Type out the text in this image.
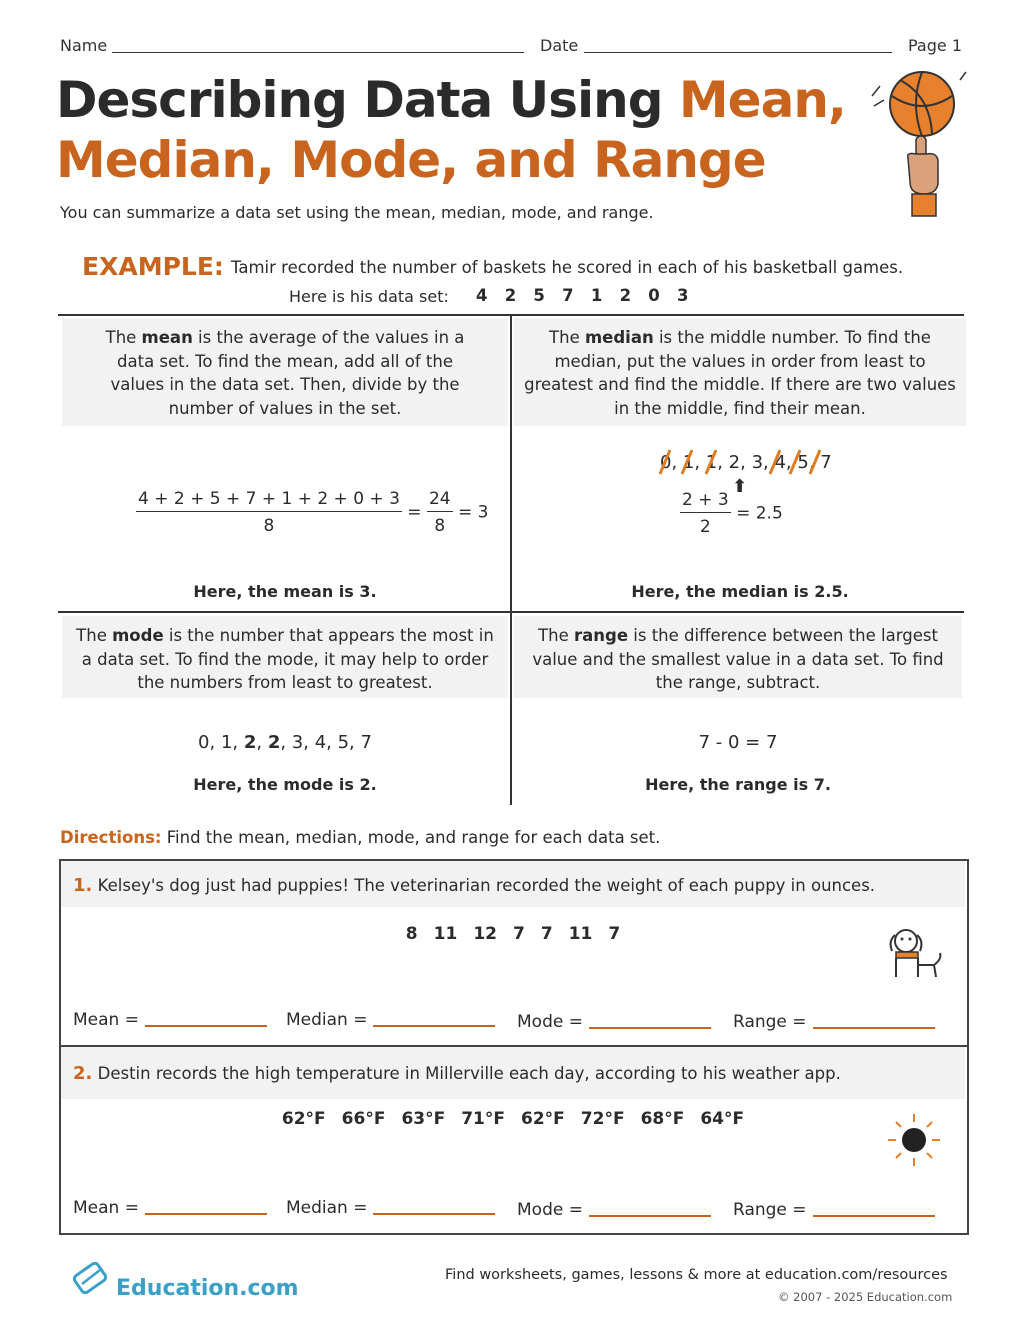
Name	Date	Page 1
Describing Data Using Mean,
Median, Mode, and Range
You can summarize a data set using the mean, median, mode, and range.
EXAMPLE: Tamir recorded the number of baskets he scored in each of his basketball games.
Here is his data set: 4   2   5   7   1   2   0   3
The mean is the average of the values in a data set. To find the mean, add all of the values in the data set. Then, divide by the number of values in the set.
$\frac{4 + 2 + 5 + 7 + 1 + 2 + 0 + 3}{8} = \frac{24}{8} = 3$
Here, the mean is 3.
The median is the middle number. To find the median, put the values in order from least to greatest and find the middle. If there are two values in the middle, find their mean.
0, 1, 1, 2, 3, 4, 5, 7
⬆
$\frac{2 + 3}{2} = 2.5$
Here, the median is 2.5.
The mode is the number that appears the most in a data set. To find the mode, it may help to order the numbers from least to greatest.
0, 1, 2, 2, 3, 4, 5, 7
Here, the mode is 2.
The range is the difference between the largest value and the smallest value in a data set. To find the range, subtract.
7 - 0 = 7
Here, the range is 7.
Directions: Find the mean, median, mode, and range for each data set.
1. Kelsey's dog just had puppies! The veterinarian recorded the weight of each puppy in ounces.
8 11 12 7 7 11 7
Mean =	Median =	Mode =	Range =
2. Destin records the high temperature in Millerville each day, according to his weather app.
62°F 66°F 63°F 71°F 62°F 72°F 68°F 64°F
Mean =	Median =	Mode =	Range =
Education.com
Find worksheets, games, lessons & more at education.com/resources
© 2007 - 2025 Education.com
